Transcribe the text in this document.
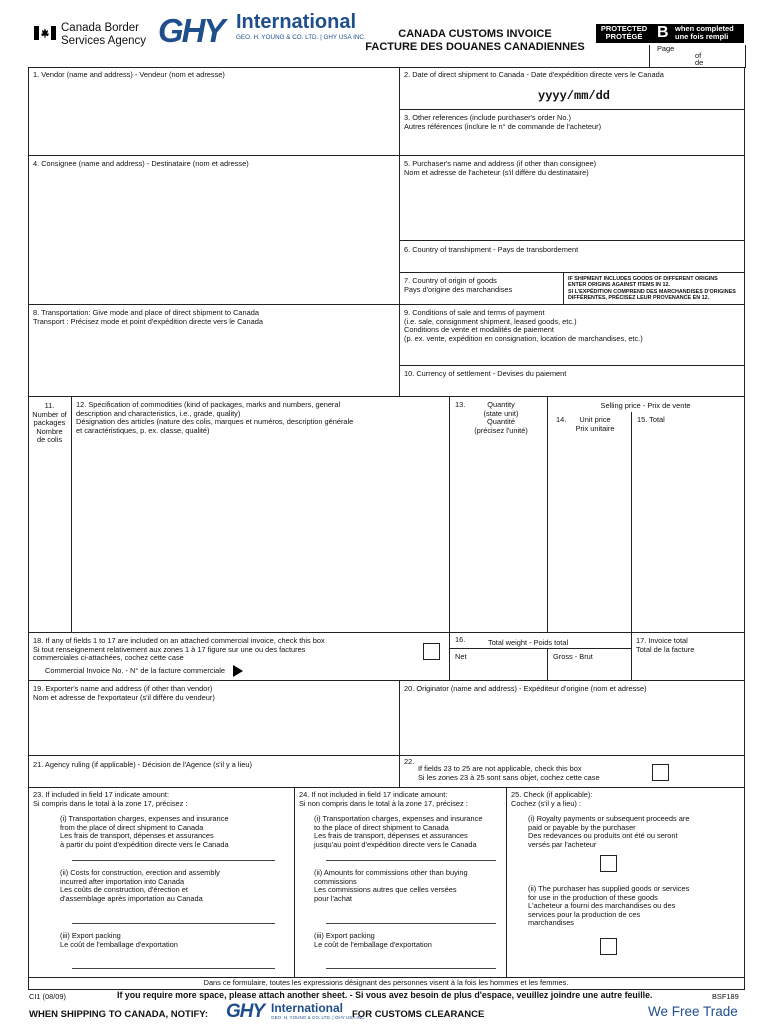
Canada Border
Services Agency GHY International
GEO. H. YOUNG & CO. LTD. | GHY USA INC.	CANADA CUSTOMS INVOICE
FACTURE DES DOUANES CANADIENNES
PROTECTED
PROTÉGÉ B when completed
une fois rempli
Page
of
de
1. Vendor (name and address) - Vendeur (nom et adresse)	2. Date of direct shipment to Canada - Date d'expédition directe vers le Canada
yyyy/mm/dd
3. Other references (include purchaser's order No.)
Autres références (inclure le n° de commande de l'acheteur)
4. Consignee (name and address) - Destinataire (nom et adresse)	5. Purchaser's name and address (if other than consignee)
Nom et adresse de l'acheteur (s'il diffère du destinataire)
6. Country of transhipment - Pays de transbordement
7. Country of origin of goods
Pays d'origine des marchandises
IF SHIPMENT INCLUDES GOODS OF DIFFERENT ORIGINS
ENTER ORIGINS AGAINST ITEMS IN 12.
SI L'EXPÉDITION COMPREND DES MARCHANDISES D'ORIGINES
DIFFÉRENTES, PRÉCISEZ LEUR PROVENANCE EN 12.
8. Transportation: Give mode and place of direct shipment to Canada
Transport : Précisez mode et point d'expédition directe vers le Canada
9. Conditions of sale and terms of payment
(i.e. sale, consignment shipment, leased goods, etc.)
Conditions de vente et modalités de paiement
(p. ex. vente, expédition en consignation, location de marchandises, etc.)
10. Currency of settlement - Devises du paiement
11.
Number of
packages
Nombre
de colis
12. Specification of commodities (kind of packages, marks and numbers, general
description and characteristics, i.e., grade, quality)
Désignation des articles (nature des colis, marques et numéros, description générale
et caractéristiques, p. ex. classe, qualité)
13.	Quantity
(state unit)
Quantité
(précisez l'unité)
Selling price - Prix de vente
14.	Unit price
Prix unitaire
15. Total
18. If any of fields 1 to 17 are included on an attached commercial invoice, check this box
Si tout renseignement relativement aux zones 1 à 17 figure sur une ou des factures
commerciales ci-attachées, cochez cette case
Commercial Invoice No. - N° de la facture commerciale
16.	Total weight - Poids total
Net	Gross - Brut
17. Invoice total
Total de la facture
19. Exporter's name and address (if other than vendor)
Nom et adresse de l'exportateur (s'il diffère du vendeur)
20. Originator (name and address) - Expéditeur d'origine (nom et adresse)
21. Agency ruling (if applicable) - Décision de l'Agence (s'il y a lieu)	22.
If fields 23 to 25 are not applicable, check this box
Si les zones 23 à 25 sont sans objet, cochez cette case
23. If included in field 17 indicate amount:
Si compris dans le total à la zone 17, précisez :
(i) Transportation charges, expenses and insurance
from the place of direct shipment to Canada
Les frais de transport, dépenses et assurances
à partir du point d'expédition directe vers le Canada
(ii) Costs for construction, erection and assembly
incurred after importation into Canada
Les coûts de construction, d'érection et
d'assemblage après importation au Canada
(iii) Export packing
Le coût de l'emballage d'exportation
24. If not included in field 17 indicate amount:
Si non compris dans le total à la zone 17, précisez :
(i) Transportation charges, expenses and insurance
to the place of direct shipment to Canada
Les frais de transport, dépenses et assurances
jusqu'au point d'expédition directe vers le Canada
(ii) Amounts for commissions other than buying
commissions
Les commissions autres que celles versées
pour l'achat
(iii) Export packing
Le coût de l'emballage d'exportation
25. Check (if applicable):
Cochez (s'il y a lieu) :
(i) Royalty payments or subsequent proceeds are
paid or payable by the purchaser
Des redevances ou produits ont été ou seront
versés par l'acheteur
(ii) The purchaser has supplied goods or services
for use in the production of these goods
L'acheteur a fourni des marchandises ou des
services pour la production de ces
marchandises
Dans ce formulaire, toutes les expressions désignant des personnes visent à la fois les hommes et les femmes.
CI1 (08/09)	If you require more space, please attach another sheet. - Si vous avez besoin de plus d'espace, veuillez joindre une autre feuille.	BSF189
WHEN SHIPPING TO CANADA, NOTIFY: GHY International
GEO. H. YOUNG & CO. LTD. | GHY USA INC.
FOR CUSTOMS CLEARANCE	We Free Trade
